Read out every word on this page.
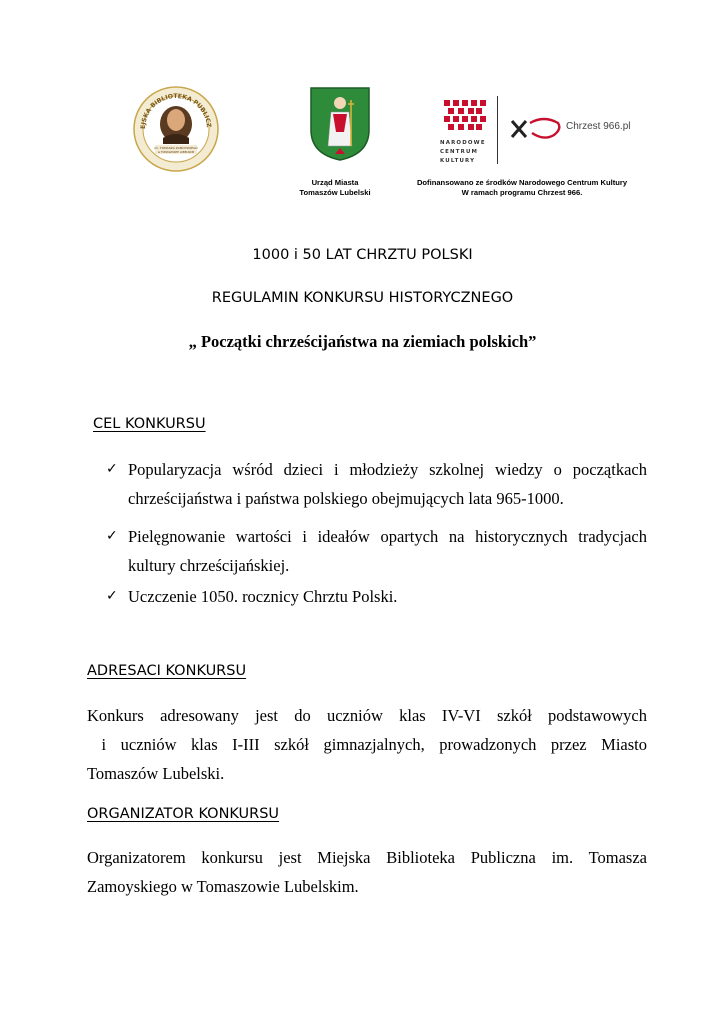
EJSKA BIBLIOTEKA PUBLICZ
im. TOMASZA ZAMOYSKIEGO
w TOMASZOWIE LUBELSKIM
NARODOWE
CENTRUM
KULTURY
Chrzest 966.pl
Urząd Miasta
Tomaszów Lubelski
Dofinansowano ze środków Narodowego Centrum Kultury
W ramach programu Chrzest 966.
1000 i 50 LAT CHRZTU POLSKI
REGULAMIN KONKURSU HISTORYCZNEGO
„ Początki chrześcijaństwa na ziemiach polskich”
CEL KONKURSU
✓ Popularyzacja wśród dzieci i młodzieży szkolnej wiedzy o początkach
chrześcijaństwa i państwa polskiego obejmujących lata 965-1000.
✓ Pielęgnowanie wartości i ideałów opartych na historycznych tradycjach
kultury chrześcijańskiej.
✓ Uczczenie 1050. rocznicy Chrztu Polski.
ADRESACI KONKURSU
Konkurs adresowany jest do uczniów klas IV-VI szkół podstawowych
i uczniów klas I-III szkół gimnazjalnych, prowadzonych przez Miasto
Tomaszów Lubelski.
ORGANIZATOR KONKURSU
Organizatorem konkursu jest Miejska Biblioteka Publiczna im. Tomasza
Zamoyskiego w Tomaszowie Lubelskim.
